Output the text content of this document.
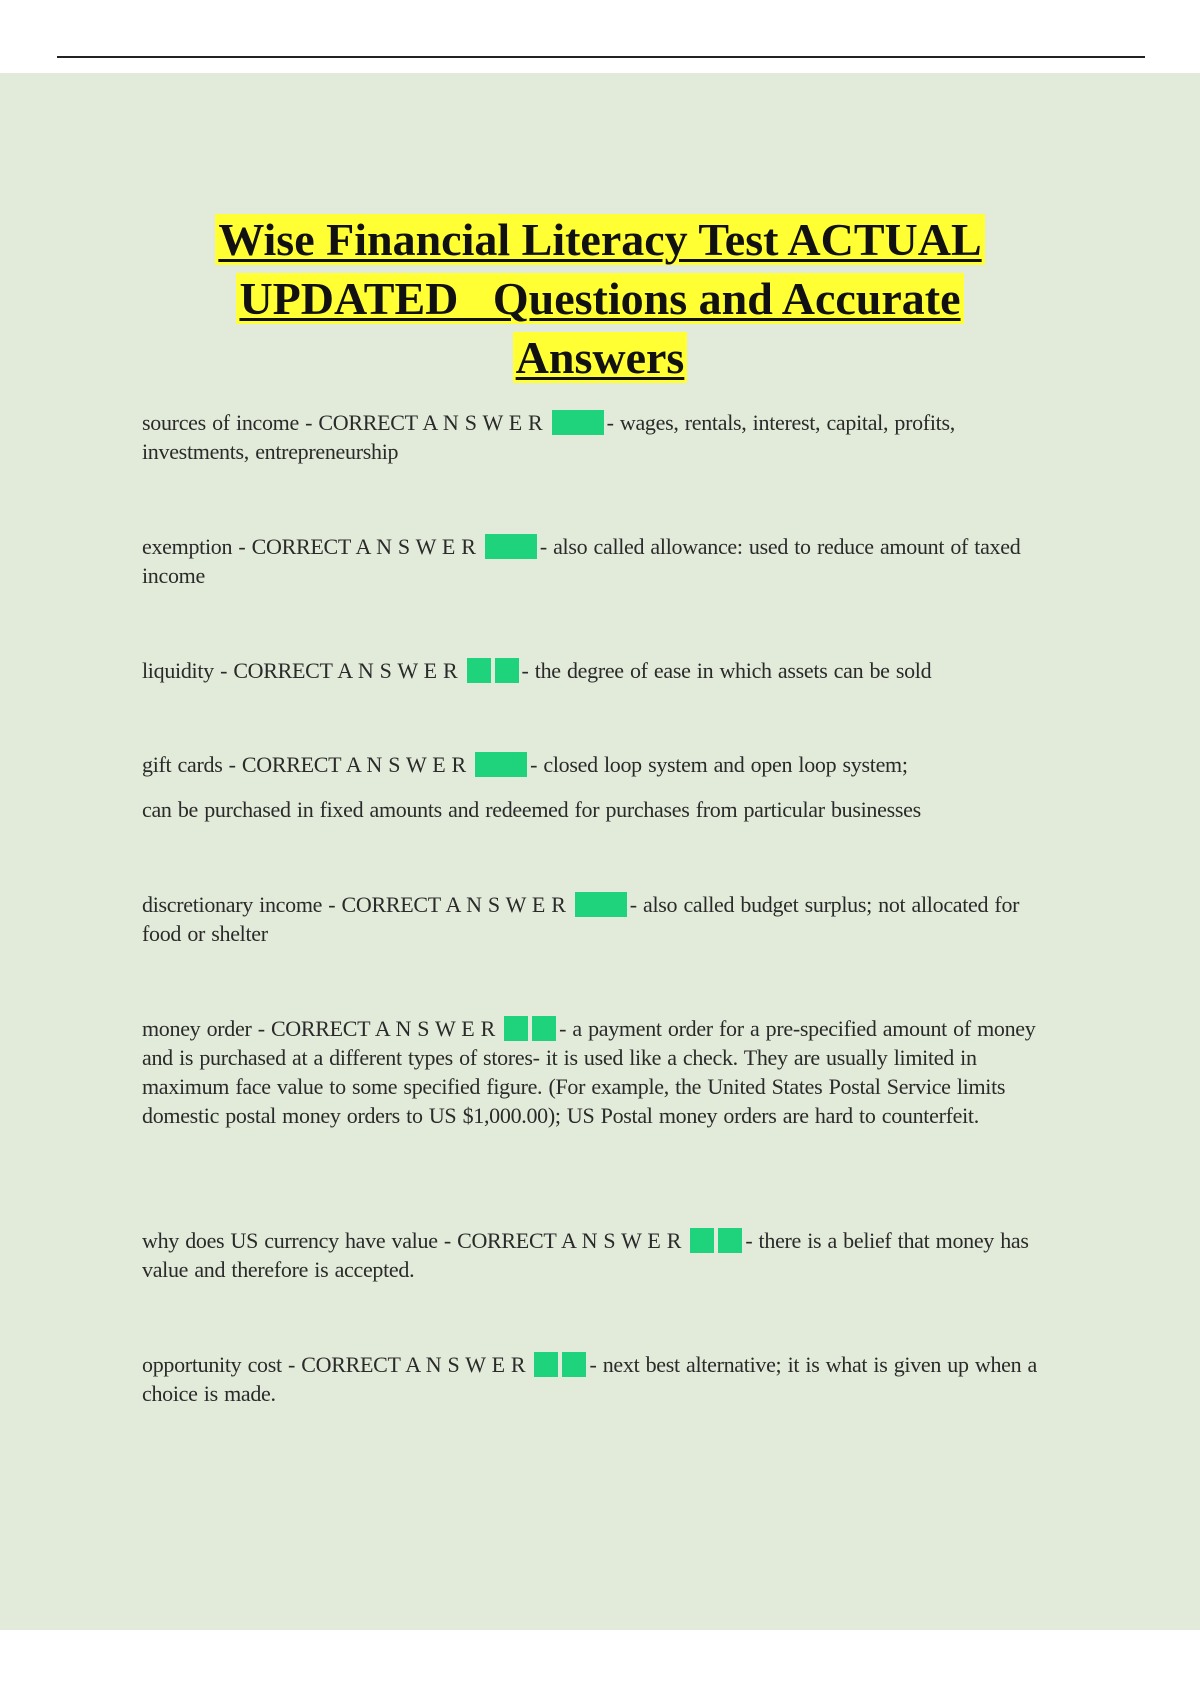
Wise Financial Literacy Test ACTUAL
UPDATED   Questions and Accurate
Answers

sources of income - CORRECT A N S W E R	- wages, rentals, interest, capital, profits, investments, entrepreneurship

exemption - CORRECT A N S W E R	- also called allowance: used to reduce amount of taxed income

liquidity - CORRECT A N S W E R	- the degree of ease in which assets can be sold

gift cards - CORRECT A N S W E R	- closed loop system and open loop system;

can be purchased in fixed amounts and redeemed for purchases from particular businesses

discretionary income - CORRECT A N S W E R	- also called budget surplus; not allocated for food or shelter

money order - CORRECT A N S W E R	- a payment order for a pre-specified amount of money and is purchased at a different types of stores- it is used like a check. They are usually limited in maximum face value to some specified figure. (For example, the United States Postal Service limits domestic postal money orders to US $1,000.00); US Postal money orders are hard to counterfeit.

why does US currency have value - CORRECT A N S W E R	- there is a belief that money has value and therefore is accepted.

opportunity cost - CORRECT A N S W E R	- next best alternative; it is what is given up when a choice is made.
